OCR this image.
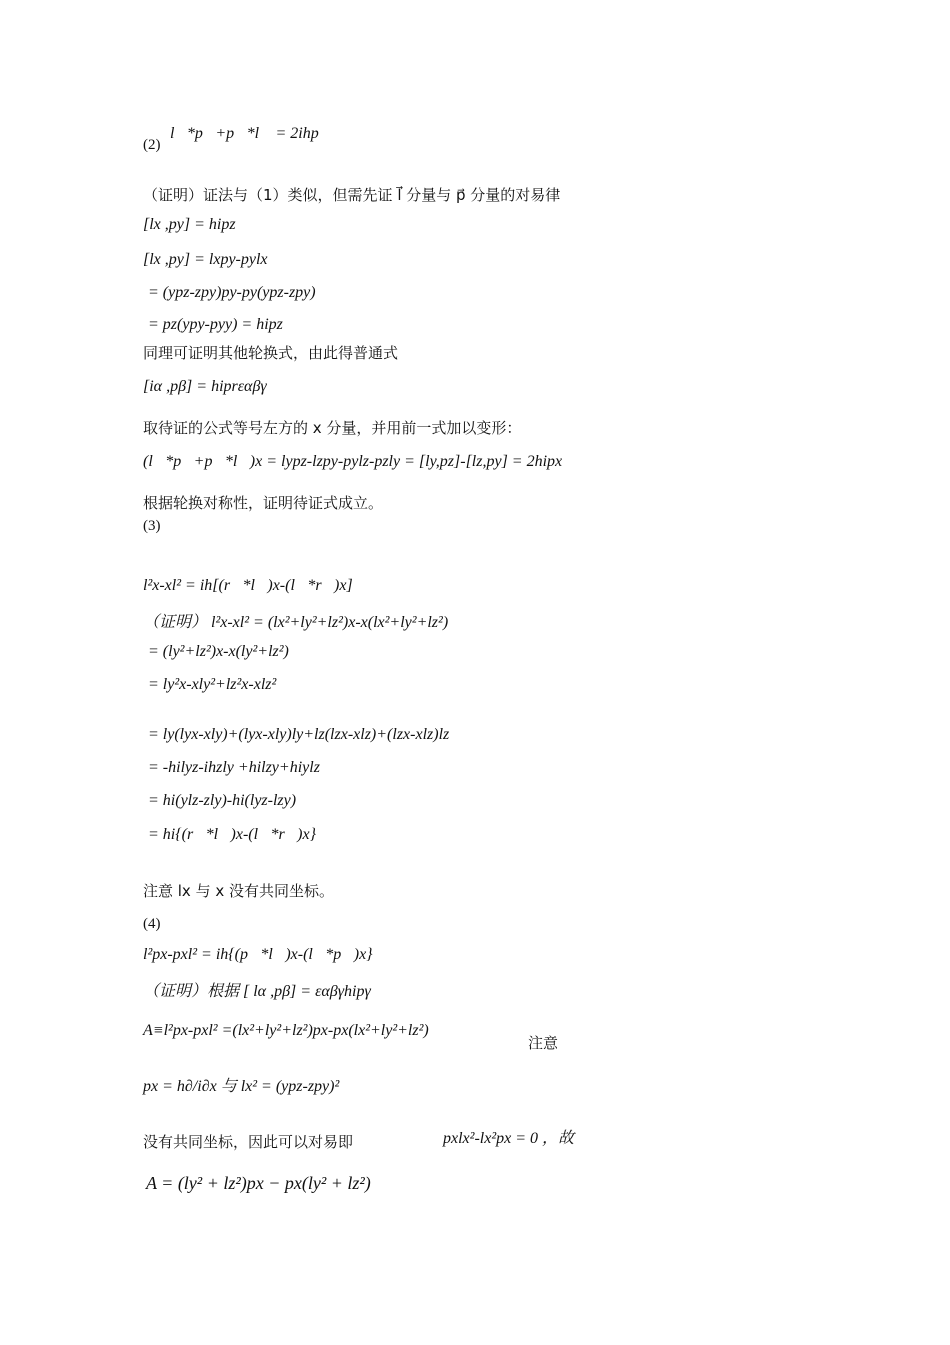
(2)
l⃗*p⃗+p⃗*l⃗ = 2ihp⃗
（证明）证法与（1）类似，但需先证 l⃗ 分量与 p⃗ 分量的对易律
[lx ,py] = hipz
[lx ,py] = lxpy-pylx
= (ypz-zpy)py-py(ypz-zpy)
= pz(ypy-pyy) = hipz
同理可证明其他轮换式，由此得普通式
[iα ,pβ] = hiprεαβγ
取待证的公式等号左方的 x 分量，并用前一式加以变形：
(l⃗*p⃗+p⃗*l⃗)x = lypz-lzpy-pylz-pzly = [ly,pz]-[lz,py] = 2hipx
根据轮换对称性，证明待证式成立。
(3)
l²x-xl² = ih[(r⃗*l⃗)x-(l⃗*r⃗)x]
（证明） l²x-xl² = (lx²+ly²+lz²)x-x(lx²+ly²+lz²)
= (ly²+lz²)x-x(ly²+lz²)
= ly²x-xly²+lz²x-xlz²
= ly(lyx-xly)+(lyx-xly)ly+lz(lzx-xlz)+(lzx-xlz)lz
= -hilyz-ihzly +hilzy+hiylz
= hi(ylz-zly)-hi(lyz-lzy)
= hi{(r⃗*l⃗)x-(l⃗*r⃗)x}
注意 lx 与 x 没有共同坐标。
(4)
l²px-pxl² = ih{(p⃗*l⃗)x-(l⃗*p⃗)x}
（证明）根据 [ lα ,pβ] = εαβγhipγ
A≡l²px-pxl² =(lx²+ly²+lz²)px-px(lx²+ly²+lz²)
注意
px = h∂/i∂x 与 lx² = (ypz-zpy)²
没有共同坐标，因此可以对易即	pxlx²-lx²px = 0 ，故
A = (ly² + lz²)px − px(ly² + lz²)
